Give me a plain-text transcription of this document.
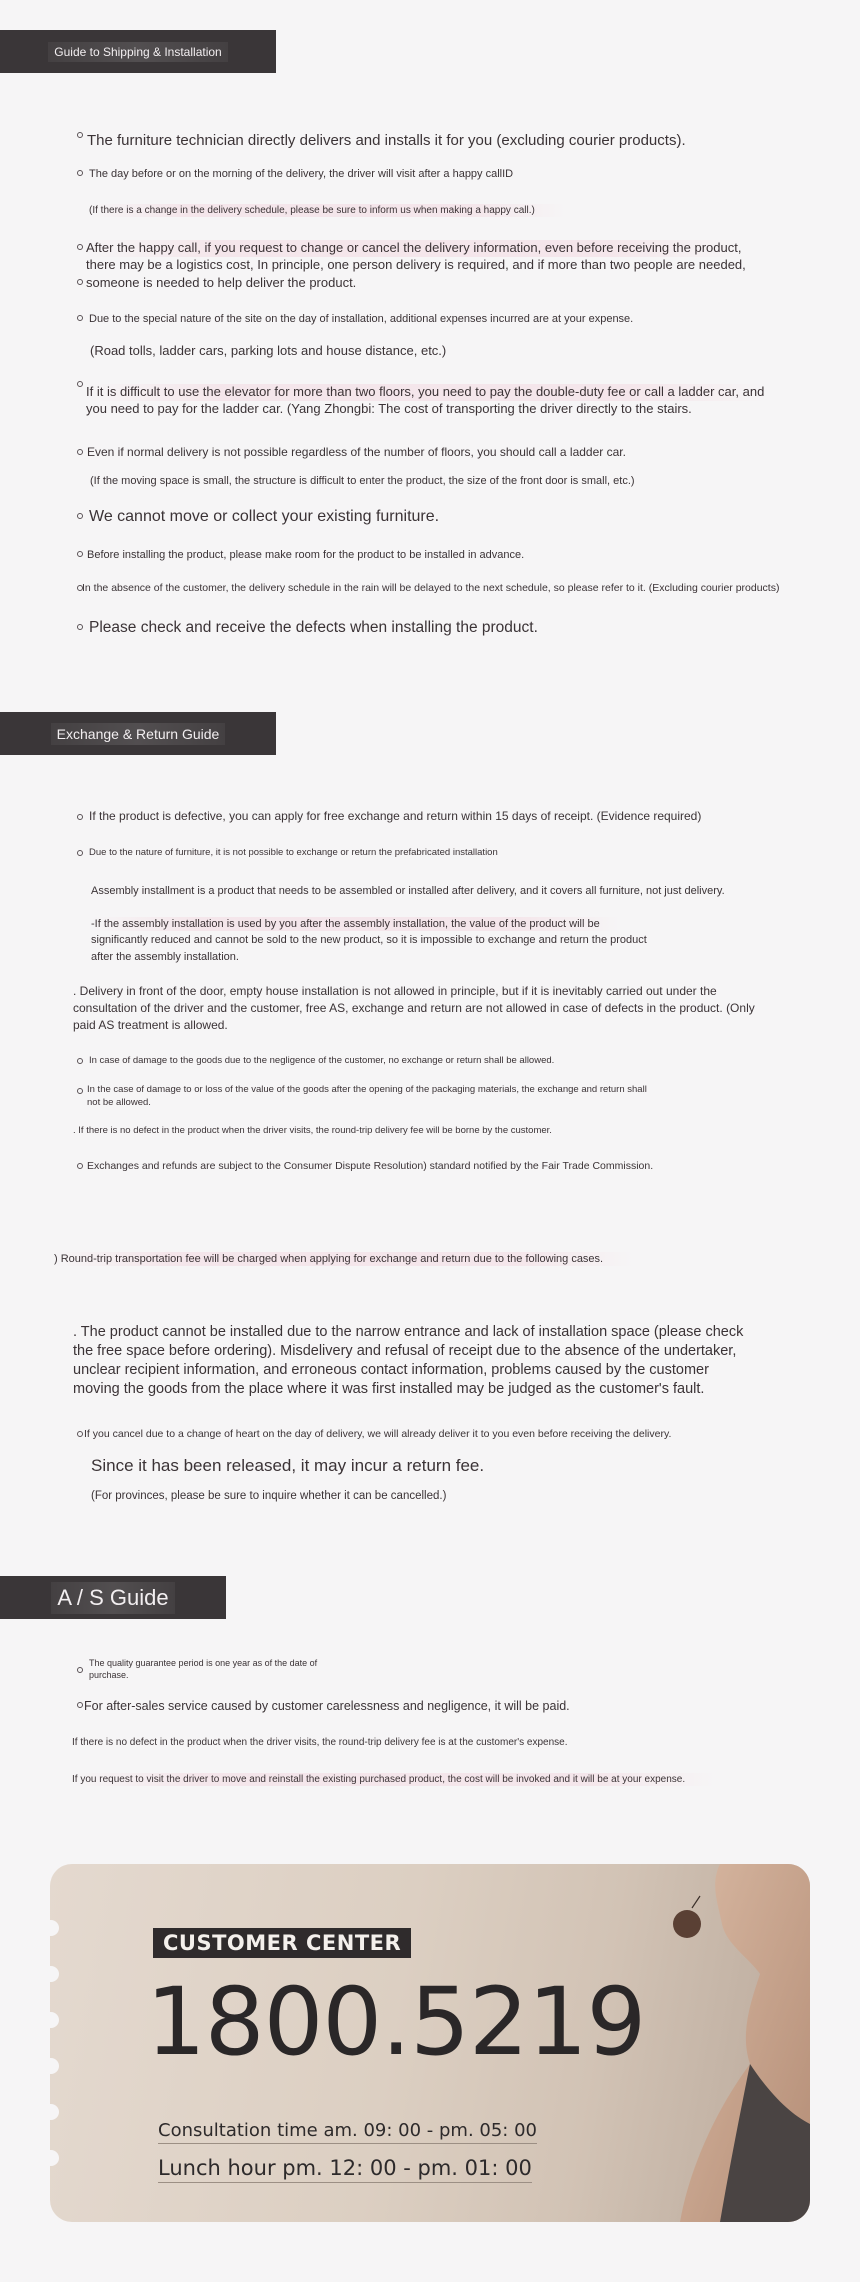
Guide to Shipping & Installation
The furniture technician directly delivers and installs it for you (excluding courier products).
The day before or on the morning of the delivery, the driver will visit after a happy callID
(If there is a change in the delivery schedule, please be sure to inform us when making a happy call.)
After the happy call, if you request to change or cancel the delivery information, even before receiving the product,
there may be a logistics cost, In principle, one person delivery is required, and if more than two people are needed,
someone is needed to help deliver the product.
Due to the special nature of the site on the day of installation, additional expenses incurred are at your expense.
(Road tolls, ladder cars, parking lots and house distance, etc.)
If it is difficult to use the elevator for more than two floors, you need to pay the double-duty fee or call a ladder car, and
you need to pay for the ladder car. (Yang Zhongbi: The cost of transporting the driver directly to the stairs.
Even if normal delivery is not possible regardless of the number of floors, you should call a ladder car.
(If the moving space is small, the structure is difficult to enter the product, the size of the front door is small, etc.)
We cannot move or collect your existing furniture.
Before installing the product, please make room for the product to be installed in advance.
In the absence of the customer, the delivery schedule in the rain will be delayed to the next schedule, so please refer to it. (Excluding courier products)
Please check and receive the defects when installing the product.
Exchange & Return Guide
If the product is defective, you can apply for free exchange and return within 15 days of receipt. (Evidence required)
Due to the nature of furniture, it is not possible to exchange or return the prefabricated installation
Assembly installment is a product that needs to be assembled or installed after delivery, and it covers all furniture, not just delivery.
-If the assembly installation is used by you after the assembly installation, the value of the product will be
significantly reduced and cannot be sold to the new product, so it is impossible to exchange and return the product
after the assembly installation.
. Delivery in front of the door, empty house installation is not allowed in principle, but if it is inevitably carried out under the
consultation of the driver and the customer, free AS, exchange and return are not allowed in case of defects in the product. (Only
paid AS treatment is allowed.
In case of damage to the goods due to the negligence of the customer, no exchange or return shall be allowed.
In the case of damage to or loss of the value of the goods after the opening of the packaging materials, the exchange and return shall
not be allowed.
. If there is no defect in the product when the driver visits, the round-trip delivery fee will be borne by the customer.
Exchanges and refunds are subject to the Consumer Dispute Resolution) standard notified by the Fair Trade Commission.
) Round-trip transportation fee will be charged when applying for exchange and return due to the following cases.
. The product cannot be installed due to the narrow entrance and lack of installation space (please check
the free space before ordering). Misdelivery and refusal of receipt due to the absence of the undertaker,
unclear recipient information, and erroneous contact information, problems caused by the customer
moving the goods from the place where it was first installed may be judged as the customer's fault.
If you cancel due to a change of heart on the day of delivery, we will already deliver it to you even before receiving the delivery.
Since it has been released, it may incur a return fee.
(For provinces, please be sure to inquire whether it can be cancelled.)
A / S Guide
The quality guarantee period is one year as of the date of
purchase.
For after-sales service caused by customer carelessness and negligence, it will be paid.
If there is no defect in the product when the driver visits, the round-trip delivery fee is at the customer's expense.
If you request to visit the driver to move and reinstall the existing purchased product, the cost will be invoked and it will be at your expense.
CUSTOMER CENTER
1800.5219
Consultation time am. 09: 00 - pm. 05: 00
Lunch hour pm. 12: 00 - pm. 01: 00
